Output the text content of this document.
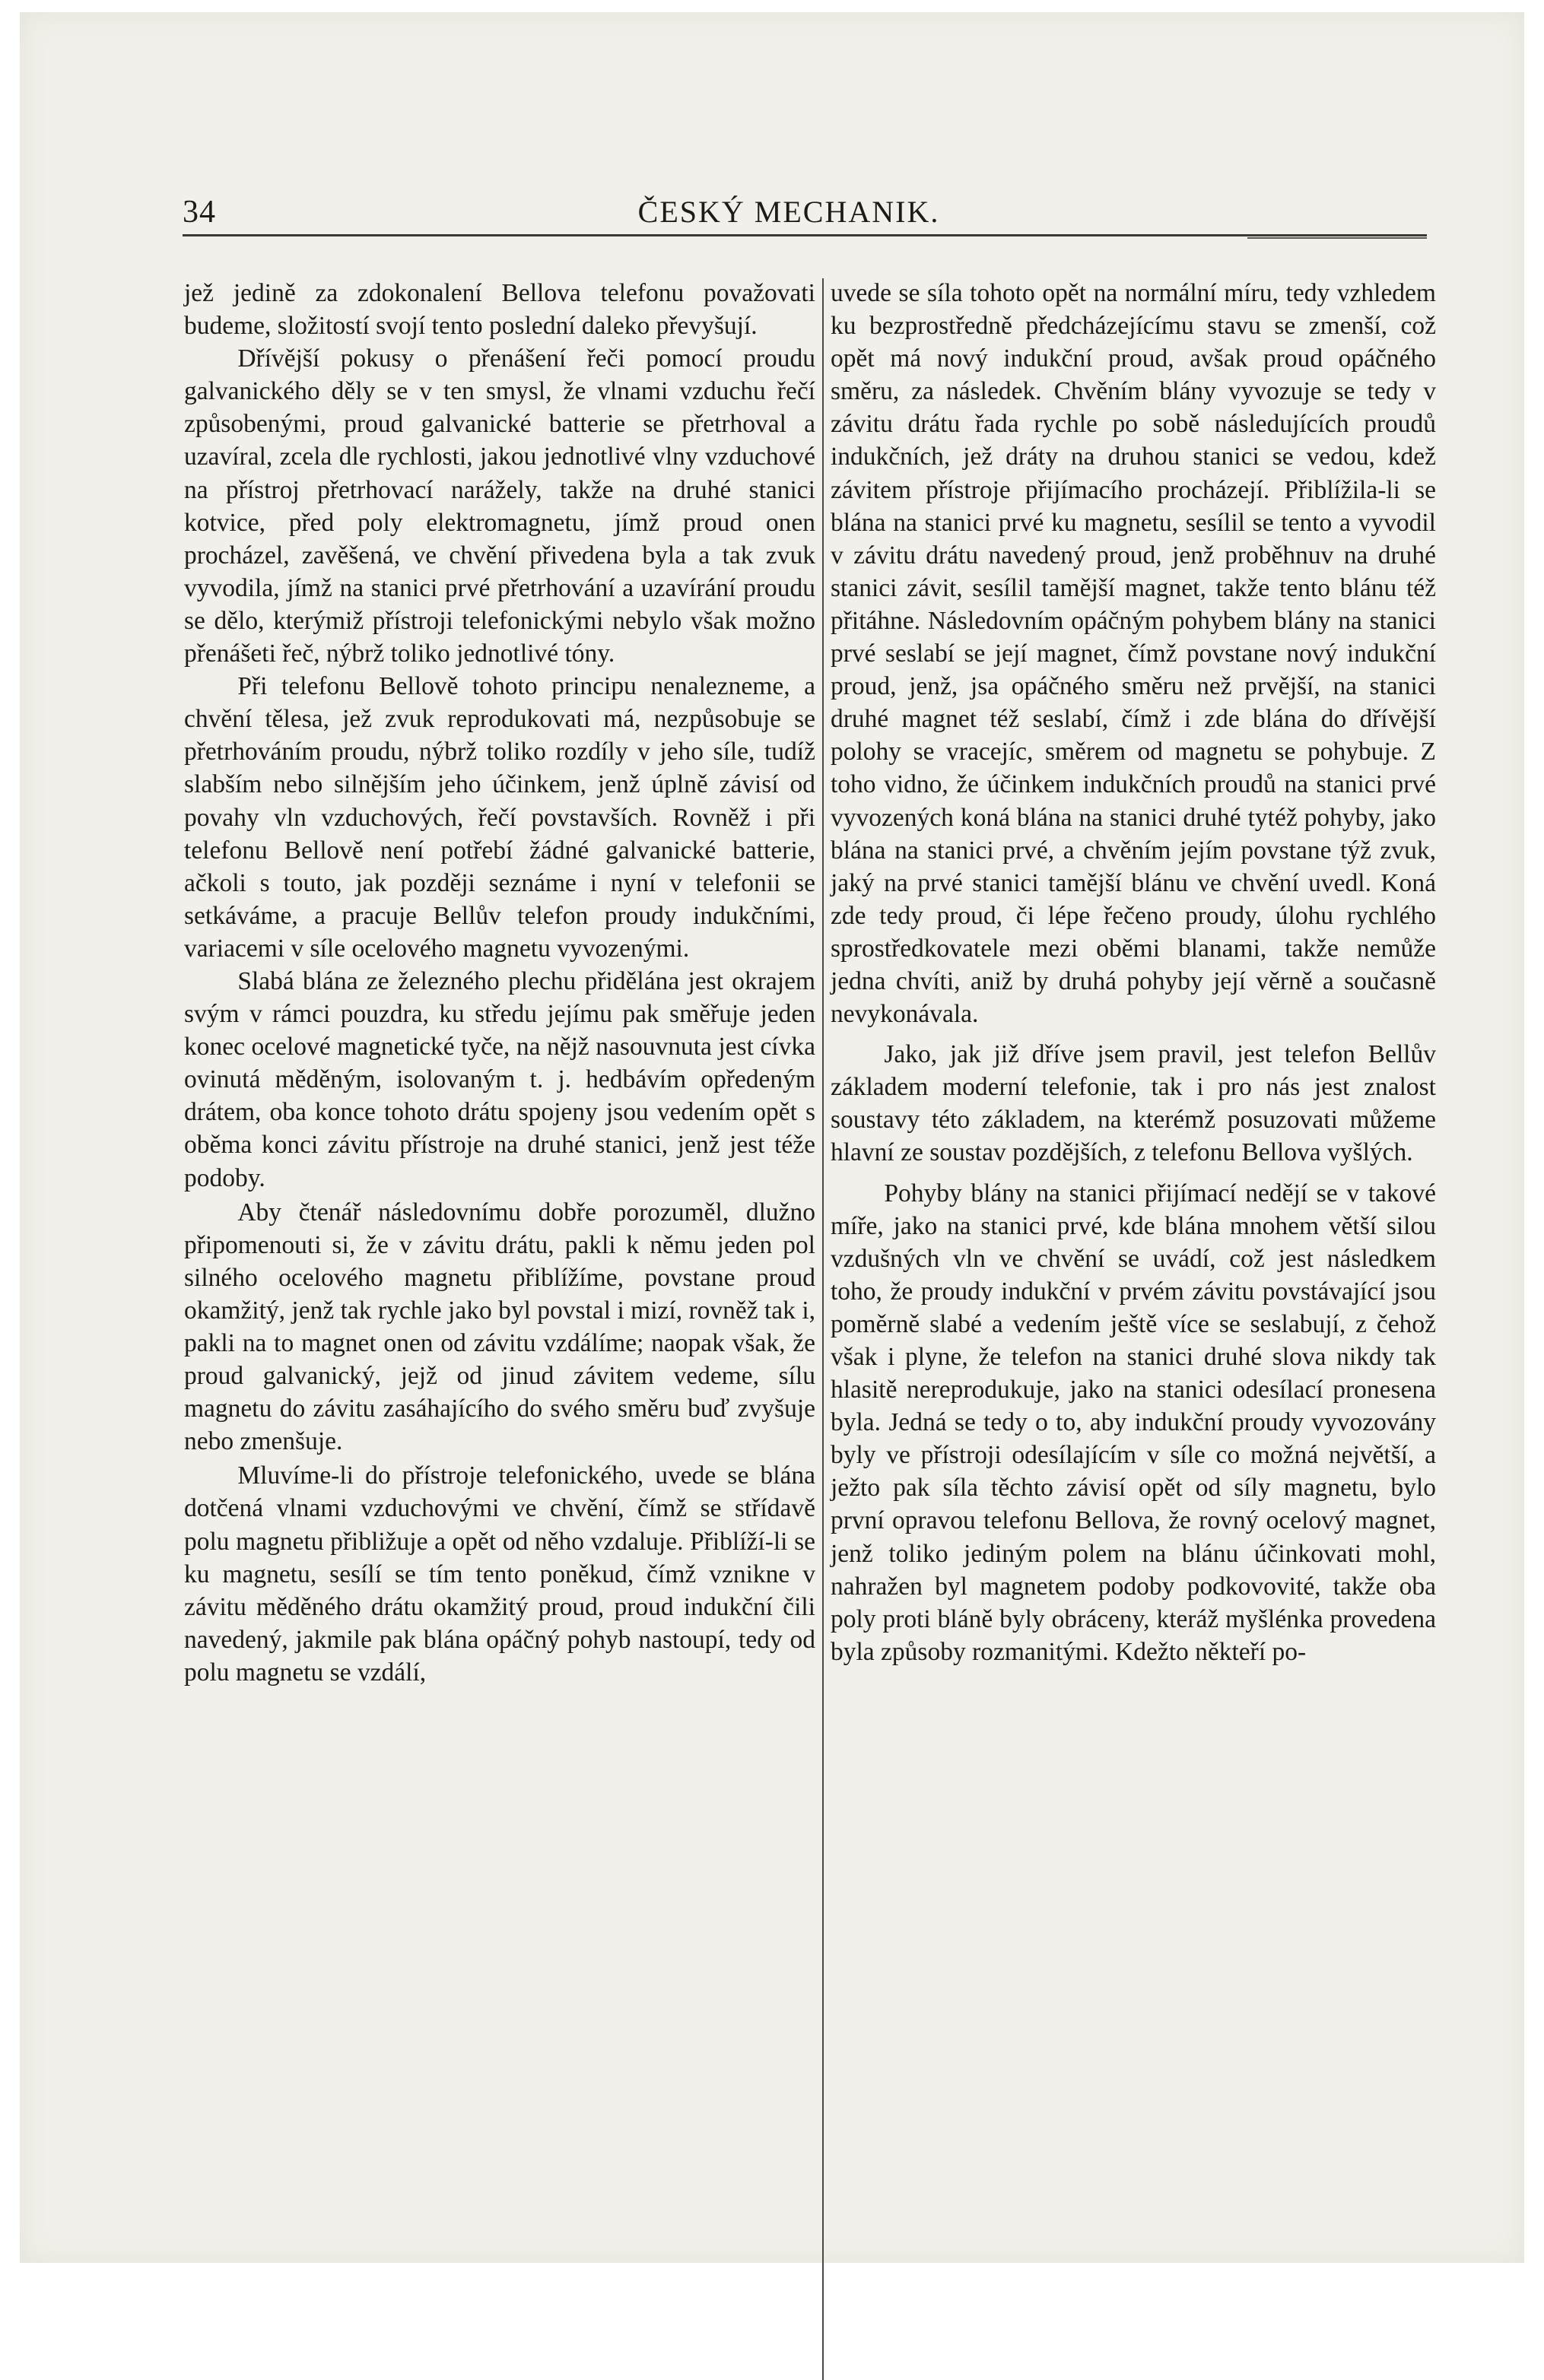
34	ČESKÝ MECHANIK.

jež jedině za zdokonalení Bellova telefonu považovati budeme, složitostí svojí tento poslední daleko převyšují.

Dřívější pokusy o přenášení řeči pomocí proudu galvanického děly se v ten smysl, že vlnami vzduchu řečí způsobenými, proud galvanické batterie se přetrhoval a uzavíral, zcela dle rychlosti, jakou jednotlivé vlny vzduchové na přístroj přetrhovací narážely, takže na druhé stanici kotvice, před poly elektromagnetu, jímž proud onen procházel, zavěšená, ve chvění přivedena byla a tak zvuk vyvodila, jímž na stanici prvé přetrhování a uzavírání proudu se dělo, kterýmiž přístroji telefonickými nebylo však možno přenášeti řeč, nýbrž toliko jednotlivé tóny.

Při telefonu Bellově tohoto principu nenalezneme, a chvění tělesa, jež zvuk reprodukovati má, nezpůsobuje se přetrhováním proudu, nýbrž toliko rozdíly v jeho síle, tudíž slabším nebo silnějším jeho účinkem, jenž úplně závisí od povahy vln vzduchových, řečí povstavších. Rovněž i při telefonu Bellově není potřebí žádné galvanické batterie, ačkoli s touto, jak později seznáme i nyní v telefonii se setkáváme, a pracuje Bellův telefon proudy indukčními, variacemi v síle ocelového magnetu vyvozenými.

Slabá blána ze železného plechu přidělána jest okrajem svým v rámci pouzdra, ku středu jejímu pak směřuje jeden konec ocelové magnetické tyče, na nějž nasouvnuta jest cívka ovinutá měděným, isolovaným t. j. hedbávím opředeným drátem, oba konce tohoto drátu spojeny jsou vedením opět s oběma konci závitu přístroje na druhé stanici, jenž jest téže podoby.

Aby čtenář následovnímu dobře porozuměl, dlužno připomenouti si, že v závitu drátu, pakli k němu jeden pol silného ocelového magnetu přiblížíme, povstane proud okamžitý, jenž tak rychle jako byl povstal i mizí, rovněž tak i, pakli na to magnet onen od závitu vzdálíme; naopak však, že proud galvanický, jejž od jinud závitem vedeme, sílu magnetu do závitu zasáhajícího do svého směru buď zvyšuje nebo zmenšuje.

Mluvíme-li do přístroje telefonického, uvede se blána dotčená vlnami vzduchovými ve chvění, čímž se střídavě polu magnetu přibližuje a opět od něho vzdaluje. Přiblíží-li se ku magnetu, sesílí se tím tento poněkud, čímž vznikne v závitu měděného drátu okamžitý proud, proud indukční čili navedený, jakmile pak blána opáčný pohyb nastoupí, tedy od polu magnetu se vzdálí,

uvede se síla tohoto opět na normální míru, tedy vzhledem ku bezprostředně předcházejícímu stavu se zmenší, což opět má nový indukční proud, avšak proud opáčného směru, za následek. Chvěním blány vyvozuje se tedy v závitu drátu řada rychle po sobě následujících proudů indukčních, jež dráty na druhou stanici se vedou, kdež závitem přístroje přijímacího procházejí. Přiblížila-li se blána na stanici prvé ku magnetu, sesílil se tento a vyvodil v závitu drátu navedený proud, jenž proběhnuv na druhé stanici závit, sesílil tamější magnet, takže tento blánu též přitáhne. Následovním opáčným pohybem blány na stanici prvé seslabí se její magnet, čímž povstane nový indukční proud, jenž, jsa opáčného směru než prvější, na stanici druhé magnet též seslabí, čímž i zde blána do dřívější polohy se vracejíc, směrem od magnetu se pohybuje. Z toho vidno, že účinkem indukčních proudů na stanici prvé vyvozených koná blána na stanici druhé tytéž pohyby, jako blána na stanici prvé, a chvěním jejím povstane týž zvuk, jaký na prvé stanici tamější blánu ve chvění uvedl. Koná zde tedy proud, či lépe řečeno proudy, úlohu rychlého sprostředkovatele mezi oběmi blanami, takže nemůže jedna chvíti, aniž by druhá pohyby její věrně a současně nevykonávala.

Jako, jak již dříve jsem pravil, jest telefon Bellův základem moderní telefonie, tak i pro nás jest znalost soustavy této základem, na kterémž posuzovati můžeme hlavní ze soustav pozdějších, z telefonu Bellova vyšlých.

Pohyby blány na stanici přijímací nedějí se v takové míře, jako na stanici prvé, kde blána mnohem větší silou vzdušných vln ve chvění se uvádí, což jest následkem toho, že proudy indukční v prvém závitu povstávající jsou poměrně slabé a vedením ještě více se seslabují, z čehož však i plyne, že telefon na stanici druhé slova nikdy tak hlasitě nereprodukuje, jako na stanici odesílací pronesena byla. Jedná se tedy o to, aby indukční proudy vyvozovány byly ve přístroji odesílajícím v síle co možná největší, a ježto pak síla těchto závisí opět od síly magnetu, bylo první opravou telefonu Bellova, že rovný ocelový magnet, jenž toliko jediným polem na blánu účinkovati mohl, nahražen byl magnetem podoby podkovovité, takže oba poly proti bláně byly obráceny, kteráž myšlénka provedena byla způsoby rozmanitými. Kdežto někteří po-
